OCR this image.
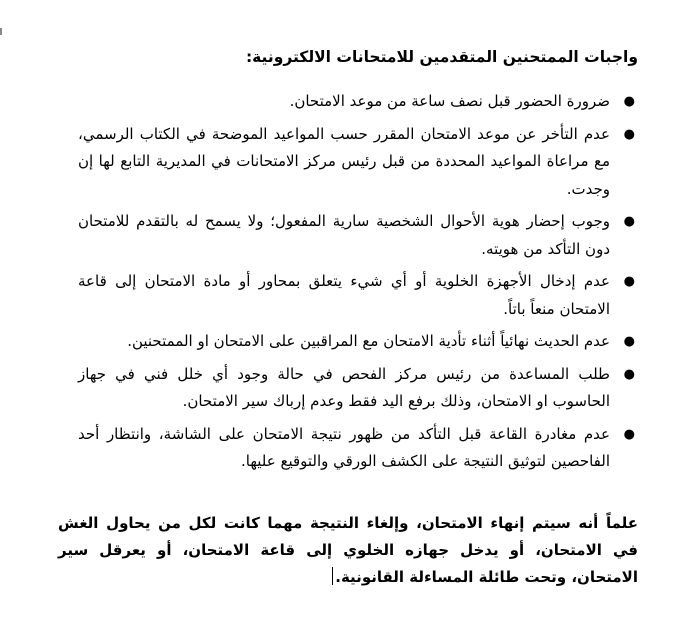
واجبات الممتحنين المتقدمين للامتحانات الالكترونية:
●
ضرورة الحضور قبل نصف ساعة من موعد الامتحان.
●
عدم التأخر عن موعد الامتحان المقرر حسب المواعيد الموضحة في الكتاب الرسمي، مع مراعاة المواعيد المحددة من قبل رئيس مركز الامتحانات في المديرية التابع لها إن وجدت.
●
وجوب إحضار هوية الأحوال الشخصية سارية المفعول؛ ولا يسمح له بالتقدم للامتحان دون التأكد من هويته.
●
عدم إدخال الأجهزة الخلوية أو أي شيء يتعلق بمحاور أو مادة الامتحان إلى قاعة الامتحان منعاً باتاً.
●
عدم الحديث نهائياً أثناء تأدية الامتحان مع المراقبين على الامتحان او الممتحنين.
●
طلب المساعدة من رئيس مركز الفحص في حالة وجود أي خلل فني في جهاز الحاسوب او الامتحان، وذلك برفع اليد فقط وعدم إرباك سير الامتحان.
●
عدم مغادرة القاعة قبل التأكد من ظهور نتيجة الامتحان على الشاشة، وانتظار أحد الفاحصين لتوثيق النتيجة على الكشف الورقي والتوقيع عليها.

علماً أنه سيتم إنهاء الامتحان، وإلغاء النتيجة مهما كانت لكل من يحاول الغش في الامتحان، أو يدخل جهازه الخلوي إلى قاعة الامتحان، أو يعرقل سير الامتحان، وتحت طائلة المساءلة القانونية.
